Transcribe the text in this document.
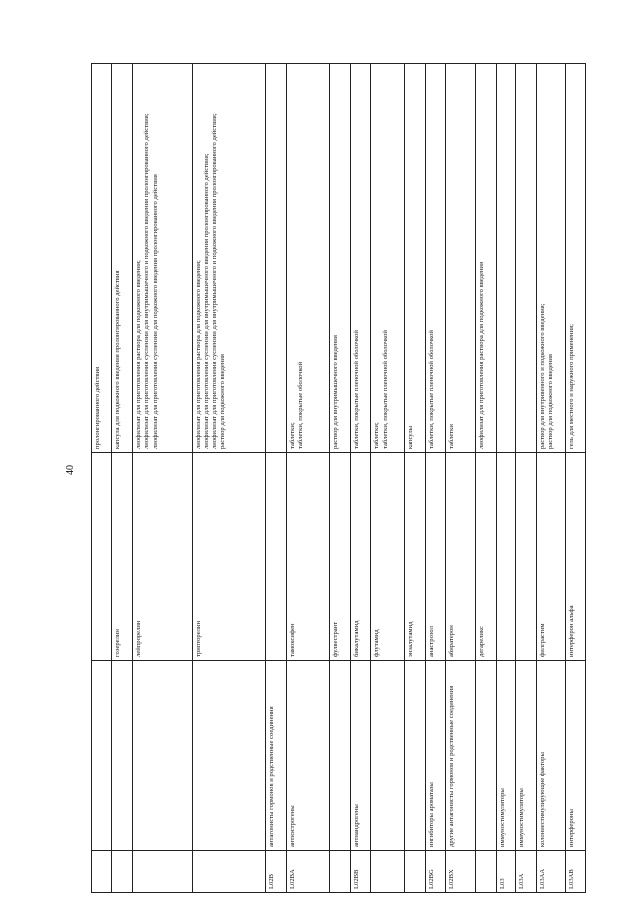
40

			пролонгированного действия

		гозерелин	капсула для подкожного введения пролонгированного действия

		лейпрорелин	лиофилизат для приготовления раствора для подкожного введения; лиофилизат для приготовления суспензии для внутримышечного и подкожного введения пролонгированного действия; лиофилизат для приготовления суспензии для подкожного введения пролонгированного действия

		трипторелин	лиофилизат для приготовления раствора для подкожного введения; лиофилизат для приготовления суспензии для внутримышечного введения пролонгированного действия; лиофилизат для приготовления суспензии для внутримышечного и подкожного введения пролонгированного действия; раствор для подкожного введения

L02B	антагонисты гормонов и родственные соединения		
L02BA	антиэстрогены	тамоксифен	таблетки; таблетки, покрытые оболочкой

		фулвестрант	раствор для внутримышечного введения

L02BB	антиандрогены	бикалутамид	таблетки, покрытые пленочной оболочкой

		флутамид	таблетки; таблетки, покрытые пленочной оболочкой

		энзалутамид	капсулы

L02BG	ингибиторы ароматазы	анастрозол	таблетки, покрытые пленочной оболочкой

L02BX	другие антагонисты гормонов и родственные соединения	абиратерон	таблетки

		дегареликс	лиофилизат для приготовления раствора для подкожного введения

L03	иммуностимуляторы		
L03A	иммуностимуляторы		
L03AA	колониестимулирующие факторы	филграстим	раствор для внутривенного и подкожного введения; раствор для подкожного введения

L03AB	интерфероны	интерферон альфа	гель для местного и наружного применения;
